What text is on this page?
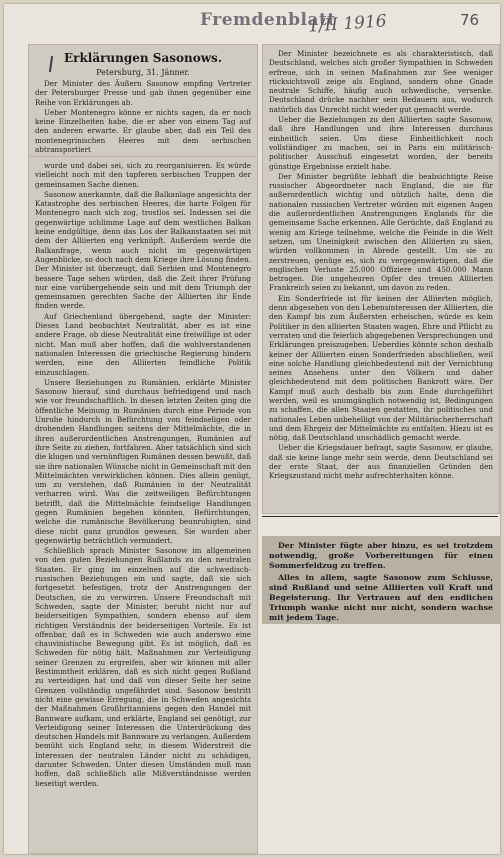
Fremdenblatt
1/II 1916	76
Erklärungen Sasonows.
Petersburg, 31. Jänner.

Der Minister des Äußern Sasonow empfing Vertreter der Petersburger Presse und gab ihnen gegenüber eine Reihe von Erklärungen ab.

Ueber Montenegro könne er nichts sagen, da er noch keine Einzelheiten habe, die er aber von einem Tag auf den anderen erwarte. Er glaube aber, daß ein Teil des montenegrinischen Heeres mit dem serbischen abtransportiert

wurde und dabei sei, sich zu reorganisieren. Es würde vielleicht noch mit den tapferen serbischen Truppen der gemeinsamen Sache dienen.

Sasonow anerkannte, daß die Balkanlage angesichts der Katastrophe des serbischen Heeres, die harte Folgen für Montenegro nach sich zog, trostlos sei. Indessen sei die gegenwärtige schlimme Lage auf dem westlichen Balkan keine endgültige, denn das Los der Balkanstaaten sei mit dem der Alliierten eng verknüpft. Außerdem werde die Balkanfrage, wenn auch nicht im gegenwärtigen Augenblicke, so doch nach dem Kriege ihre Lösung finden. Der Minister ist überzeugt, daß Serbien und Montenegro bessere Tage sehen würden, daß die Zeit ihrer Prüfung nur eine vorübergehende sein und mit dem Triumph der gemeinsamen gerechten Sache der Alliierten ihr Ende finden werde.

Auf Griechenland übergehend, sagte der Minister: Dieses Land beobachtet Neutralität, aber es ist eine andere Frage, ob diese Neutralität eine freiwillige ist oder nicht. Man muß aber hoffen, daß die wohlverstandenen nationalen Interessen die griechische Regierung hindern werden, eine den Alliierten feindliche Politik einzuschlagen.

Unsere Beziehungen zu Rumänien, erklärte Minister Sasonow hierauf, sind durchaus befriedigend und nach wie vor freundschaftlich. In diesen letzten Zeiten ging die öffentliche Meinung in Rumänien durch eine Periode von Unruhe hindurch in Befürchtung von feindseligen oder drohenden Handlungen seitens der Mittelmächte, die in ihren außerordentlichen Anstrengungen, Rumänien auf ihre Seite zu ziehen, fortfahren. Aber tatsächlich sind sich die klugen und vernünftigen Rumänen dessen bewußt, daß sie ihre nationalen Wünsche nicht in Gemeinschaft mit den Mittelmächten verwirklichen können. Dies allein genügt, um zu verstehen, daß Rumänien in der Neutralität verharren wird. Was die zeitweiligen Befürchtungen betrifft, daß die Mittelmächte feindselige Handlungen gegen Rumänien begehen könnten, Befürchtungen, welche die rumänische Bevölkerung beunruhigten, sind diese nicht ganz grundlos gewesen. Sie wurden aber gegenwärtig beträchtlich vermindert.

Schließlich sprach Minister Sasonow im allgemeinen von den guten Beziehungen Rußlands zu den neutralen Staaten. Er ging im einzelnen auf die schwedisch-russischen Beziehungen ein und sagte, daß sie sich fortgesetzt befestigen, trotz der Anstrengungen der Deutschen, sie zu verwirren. Unsere Freundschaft mit Schweden, sagte der Minister, beruht nicht nur auf beiderseitigen Sympathien, sondern ebenso auf dem richtigen Verständnis der beiderseitigen Vorteile. Es ist offenbar, daß es in Schweden wie auch anderswo eine chauvinistische Bewegung gibt. Es ist möglich, daß es Schweden für nötig hält, Maßnahmen zur Verteidigung seiner Grenzen zu ergreifen, aber wir können mit aller Bestimmtheit erklären, daß es sich nicht gegen Rußland zu verteidigen hat und daß von dieser Seite her seine Grenzen vollständig ungefährdet sind. Sasonow bestritt nicht eine gewisse Erregung, die in Schweden angesichts der Maßnahmen Großbritanniens gegen den Handel mit Bannware aufkam, und erklärte, England sei genötigt, zur Verteidigung seiner Interessen die Unterdrückung des deutschen Handels mit Bannware zu verlangen. Außerdem bemüht sich England sehr, in diesem Widerstreit die Interessen der neutralen Länder nicht zu schädigen, darunter Schweden. Unter diesen Umständen muß man hoffen, daß schließlich alle Mißverständnisse werden beseitigt werden.

Der Minister bezeichnete es als charakteristisch, daß Deutschland, welches sich großer Sympathien in Schweden erfreue, sich in seinen Maßnahmen zur See weniger rücksichtsvoll zeige als England, sondern ohne Gnade neutrale Schiffe, häufig auch schwedische, versenke. Deutschland drücke nachher sein Bedauern aus, wodurch natürlich das Unrecht nicht wieder gut gemacht werde.

Ueber die Beziehungen zu den Alliierten sagte Sasonow, daß ihre Handlungen und ihre Interessen durchaus einheitlich seien. Um diese Einheitlichkeit noch vollständiger zu machen, sei in Paris ein militärisch-politischer Ausschuß eingesetzt worden, der bereits günstige Ergebnisse erzielt habe.

Der Minister begrüßte lebhaft die beabsichtigte Reise russischer Abgeordneter nach England, die sie für außerordentlich wichtig und nützlich halte, denn die nationalen russischen Vertreter würden mit eigenen Augen die außerordentlichen Anstrengungen Englands für die gemeinsame Sache erkennen. Alle Gerüchte, daß England zu wenig am Kriege teilnehme, welche die Feinde in die Welt setzen, um Uneinigkeit zwischen den Alliierten zu säen, würden vollkommen in Abrede gestellt. Um sie zu zerstreuen, genüge es, sich zu vergegenwärtigen, daß die englischen Verluste 25.000 Offiziere und 450.000 Mann betragen. Die ungeheuren Opfer des treuen Alliierten Frankreich seien zu bekannt, um davon zu reden.

Ein Sonderfriede ist für keinen der Alliierten möglich, denn abgesehen von den Lebensinteressen der Alliierten, die den Kampf bis zum Äußersten erheischen, würde es kein Politiker in den alliierten Staaten wagen, Ehre und Pflicht zu verraten und die feierlich abgegebenen Versprechungen und Erklärungen preiszugeben. Ueberdies könnte schon deshalb keiner der Alliierten einen Sonderfrieden abschließen, weil eine solche Handlung gleichbedeutend mit der Vernichtung seines Ansehens unter den Völkern und daher gleichbedeutend mit dem politischen Bankrott wäre. Der Kampf muß auch deshalb bis zum Ende durchgeführt werden, weil es unumgänglich notwendig ist, Bedingungen zu schaffen, die allen Staaten gestatten, ihr politisches und nationales Leben unbehelligt von der Militärischerherrschaft und dem Ehrgeiz der Mittelmächte zu entfalten. Hiezu ist es nötig, daß Deutschland unschädlich gemacht werde.

Ueber die Kriegsdauer befragt, sagte Sasonow, er glaube, daß sie keine lange mehr sein werde, denn Deutschland sei der erste Staat, der aus finanziellen Gründen den Kriegszustand nicht mehr aufrechterhalten könne.

Der Minister fügte aber hinzu, es sei trotzdem notwendig, große Vorbereitungen für einen Sommerfeldzug zu treffen.

Alles in allem, sagte Sasonow zum Schlusse, sind Rußland und seine Alliierten voll Kraft und Begeisterung. Ihr Vertrauen auf den endlichen Triumph wanke nicht nur nicht, sondern wachse mit jedem Tage.
